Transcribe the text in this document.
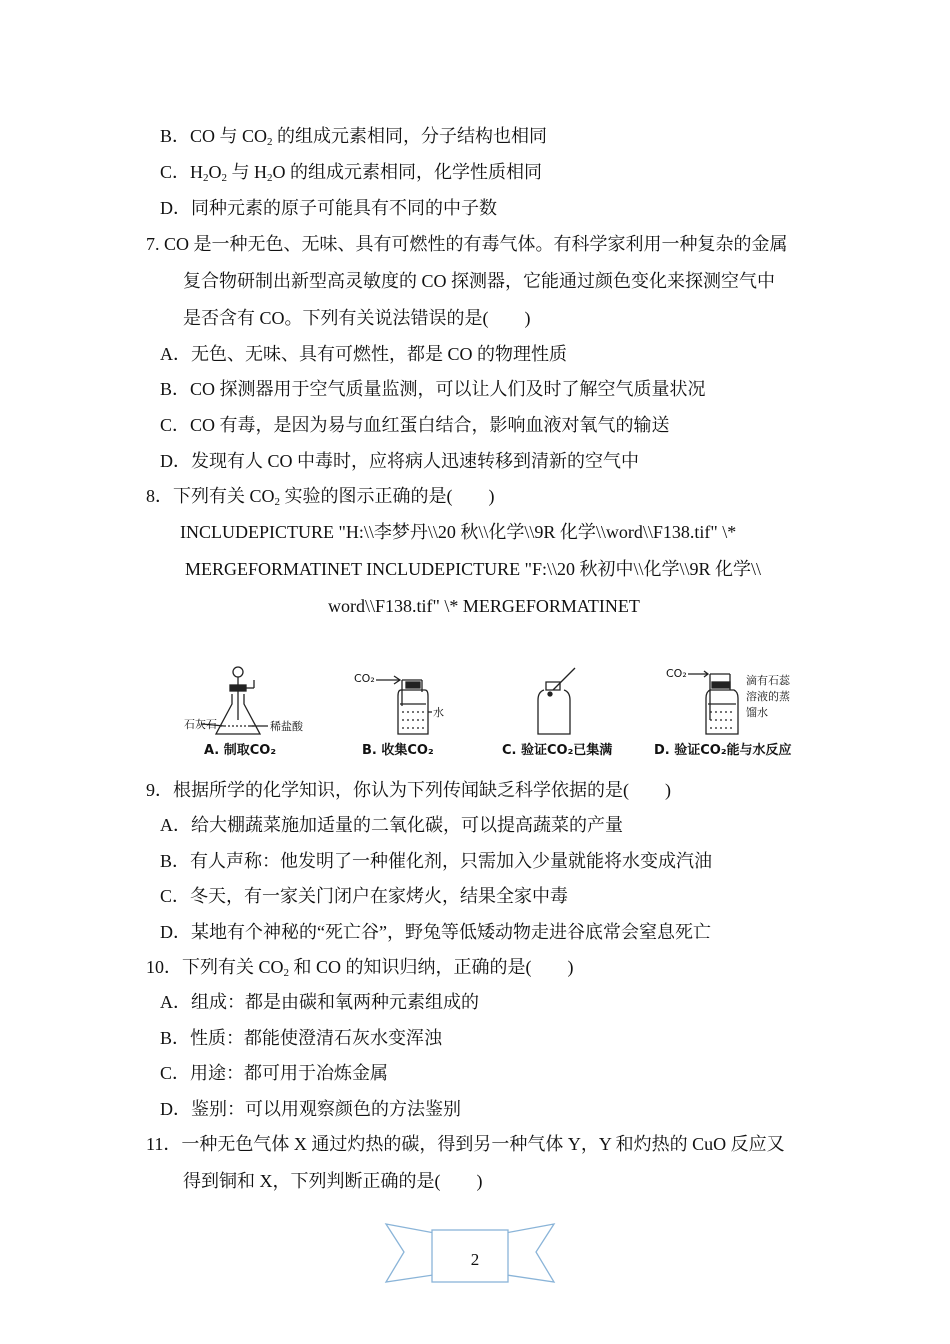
B．CO 与 $CO_2$ 的组成元素相同，分子结构也相同
C．$H_2O_2$ 与 $H_2O$ 的组成元素相同，化学性质相同
D．同种元素的原子可能具有不同的中子数
7. CO 是一种无色、无味、具有可燃性的有毒气体。有科学家利用一种复杂的金属
复合物研制出新型高灵敏度的 CO 探测器，它能通过颜色变化来探测空气中
是否含有 CO。下列有关说法错误的是(　　)
A．无色、无味、具有可燃性，都是 CO 的物理性质
B．CO 探测器用于空气质量监测，可以让人们及时了解空气质量状况
C．CO 有毒，是因为易与血红蛋白结合，影响血液对氧气的输送
D．发现有人 CO 中毒时，应将病人迅速转移到清新的空气中
8．下列有关 $CO_2$ 实验的图示正确的是(　　)
INCLUDEPICTURE "H:\\李梦丹\\20 秋\\化学\\9R 化学\\word\\F138.tif" \*
MERGEFORMATINET INCLUDEPICTURE "F:\\20 秋初中\\化学\\9R 化学\\
word\\F138.tif" \* MERGEFORMATINET
石灰石	稀盐酸
CO₂
水
CO₂
滴有石蕊
溶液的蒸
馏水
A. 制取CO₂	B. 收集CO₂	C. 验证CO₂已集满	D. 验证CO₂能与水反应
9．根据所学的化学知识，你认为下列传闻缺乏科学依据的是(　　)
A．给大棚蔬菜施加适量的二氧化碳，可以提高蔬菜的产量
B．有人声称：他发明了一种催化剂，只需加入少量就能将水变成汽油
C．冬天，有一家关门闭户在家烤火，结果全家中毒
D．某地有个神秘的“死亡谷”，野兔等低矮动物走进谷底常会窒息死亡
10．下列有关 $CO_2$ 和 CO 的知识归纳，正确的是(　　)
A．组成：都是由碳和氧两种元素组成的
B．性质：都能使澄清石灰水变浑浊
C．用途：都可用于冶炼金属
D．鉴别：可以用观察颜色的方法鉴别
11．一种无色气体 X 通过灼热的碳，得到另一种气体 Y，Y 和灼热的 CuO 反应又
得到铜和 X，下列判断正确的是(　　)
2
